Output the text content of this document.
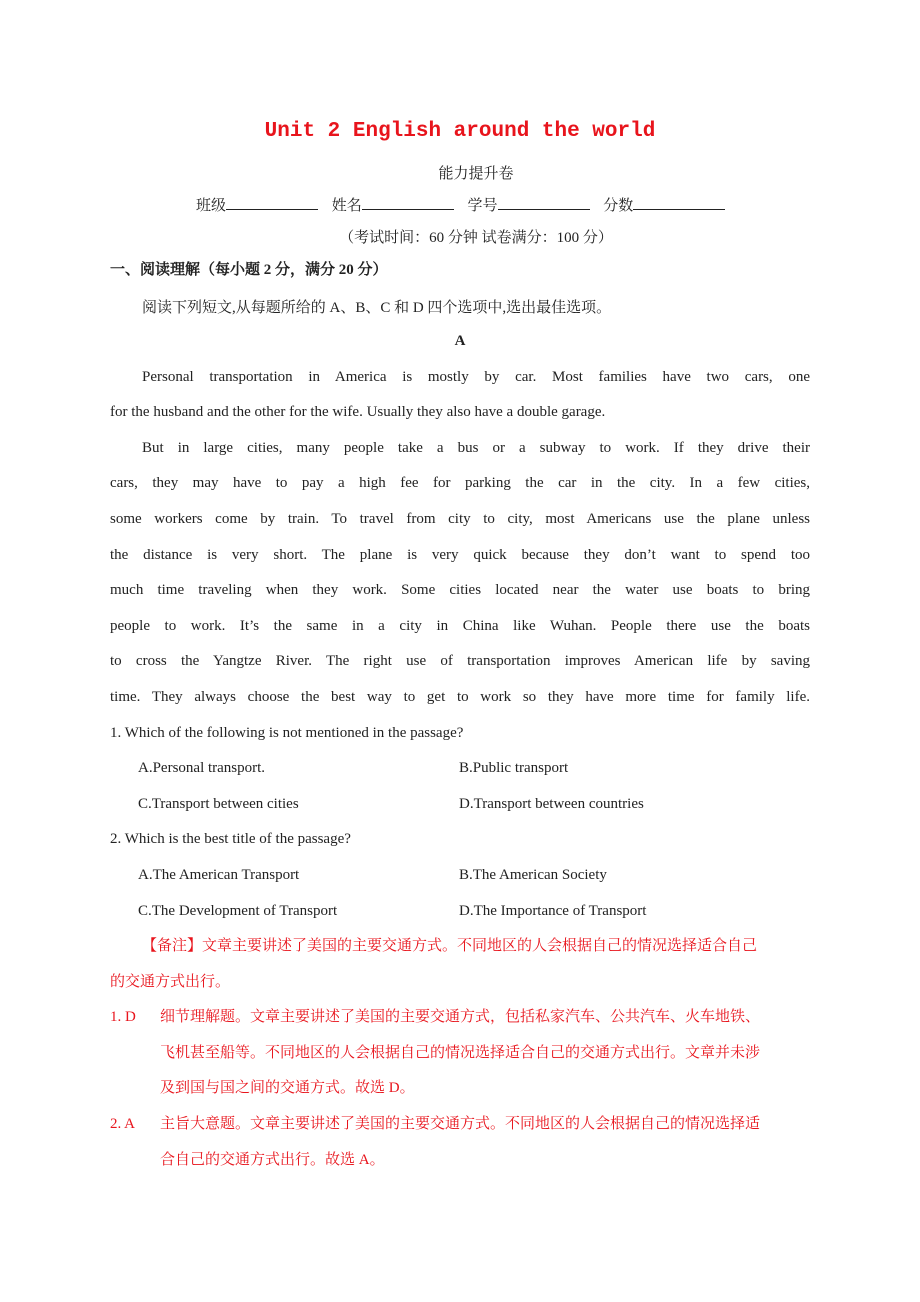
Unit 2 English around the world
能力提升卷
班级	姓名	学号	分数
（考试时间：60 分钟 试卷满分：100 分）
一、阅读理解（每小题 2 分，满分 20 分）
阅读下列短文,从每题所给的 A、B、C 和 D 四个选项中,选出最佳选项。
A
Personal transportation in America is mostly by car. Most families have two cars, one
for the husband and the other for the wife. Usually they also have a double garage.
But in large cities, many people take a bus or a subway to work. If they drive their
cars, they may have to pay a high fee for parking the car in the city. In a few cities,
some workers come by train. To travel from city to city, most Americans use the plane unless
the distance is very short. The plane is very quick because they don’t want to spend too
much time traveling when they work. Some cities located near the water use boats to bring
people to work. It’s the same in a city in China like Wuhan. People there use the boats
to cross the Yangtze River. The right use of transportation improves American life by saving
time. They always choose the best way to get to work so they have more time for family life.
1. Which of the following is not mentioned in the passage?
A.Personal transport.	B.Public transport
C.Transport between cities	D.Transport between countries
2. Which is the best title of the passage?
A.The American Transport	B.The American Society
C.The Development of Transport	D.The Importance of Transport
【备注】文章主要讲述了美国的主要交通方式。不同地区的人会根据自己的情况选择适合自己
的交通方式出行。
1. D 细节理解题。文章主要讲述了美国的主要交通方式，包括私家汽车、公共汽车、火车地铁、
飞机甚至船等。不同地区的人会根据自己的情况选择适合自己的交通方式出行。文章并未涉
及到国与国之间的交通方式。故选 D。
2. A 主旨大意题。文章主要讲述了美国的主要交通方式。不同地区的人会根据自己的情况选择适
合自己的交通方式出行。故选 A。
